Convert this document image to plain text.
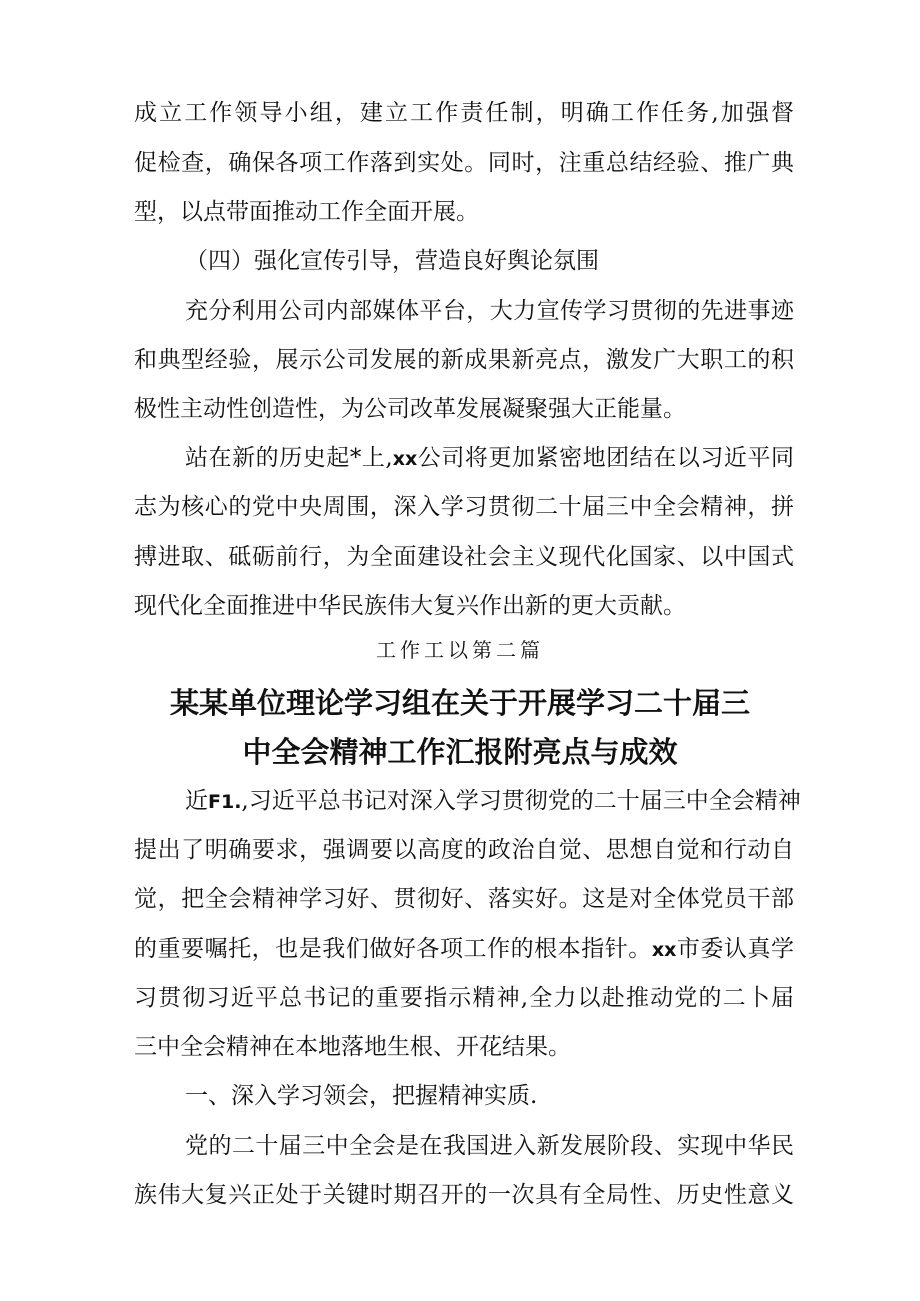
成立工作领导小组，建立工作责任制，明确工作任务,加强督
促检查，确保各项工作落到实处。同时，注重总结经验、推广典
型，以点带面推动工作全面开展。
（四）强化宣传引导，营造良好舆论氛围
充分利用公司内部媒体平台，大力宣传学习贯彻的先进事迹
和典型经验，展示公司发展的新成果新亮点，激发广大职工的积
极性主动性创造性，为公司改革发展凝聚强大正能量。
站在新的历史起*上,xx公司将更加紧密地团结在以习近平同
志为核心的党中央周围，深入学习贯彻二十届三中全会精神，拼
搏进取、砥砺前行，为全面建设社会主义现代化国家、以中国式
现代化全面推进中华民族伟大复兴作出新的更大贡献。
工作工以第二篇
某某单位理论学习组在关于开展学习二十届三
中全会精神工作汇报附亮点与成效
近F1.,习近平总书记对深入学习贯彻党的二十届三中全会精神
提出了明确要求，强调要以高度的政治自觉、思想自觉和行动自
觉，把全会精神学习好、贯彻好、落实好。这是对全体党员干部
的重要嘱托，也是我们做好各项工作的根本指针。xx市委认真学
习贯彻习近平总书记的重要指示精神,全力以赴推动党的二卜届
三中全会精神在本地落地生根、开花结果。
一、深入学习领会，把握精神实质.
党的二十届三中全会是在我国进入新发展阶段、实现中华民
族伟大复兴正处于关键时期召开的一次具有全局性、历史性意义
